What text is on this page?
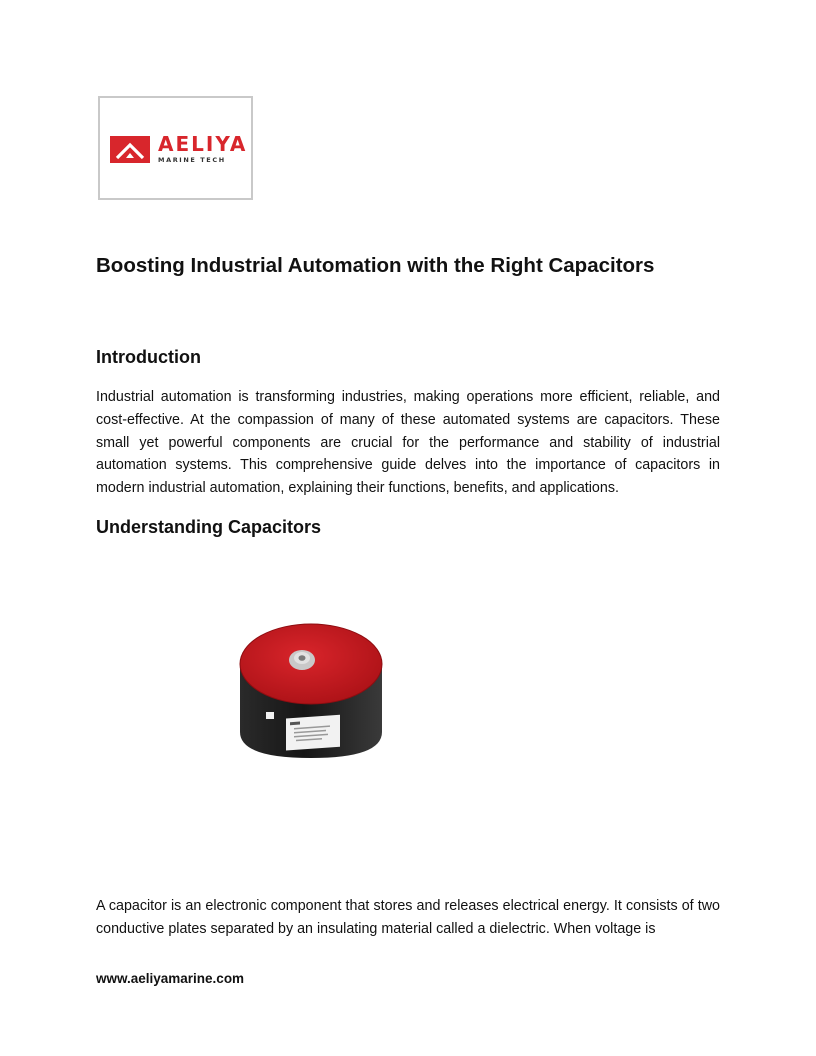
AELIYA
MARINE TECH
Boosting Industrial Automation with the Right Capacitors
Introduction

Industrial automation is transforming industries, making operations more efficient, reliable, and cost-effective. At the compassion of many of these automated systems are capacitors. These small yet powerful components are crucial for the performance and stability of industrial automation systems. This comprehensive guide delves into the importance of capacitors in modern industrial automation, explaining their functions, benefits, and applications.

Understanding Capacitors

A capacitor is an electronic component that stores and releases electrical energy. It consists of two conductive plates separated by an insulating material called a dielectric. When voltage is

www.aeliyamarine.com
